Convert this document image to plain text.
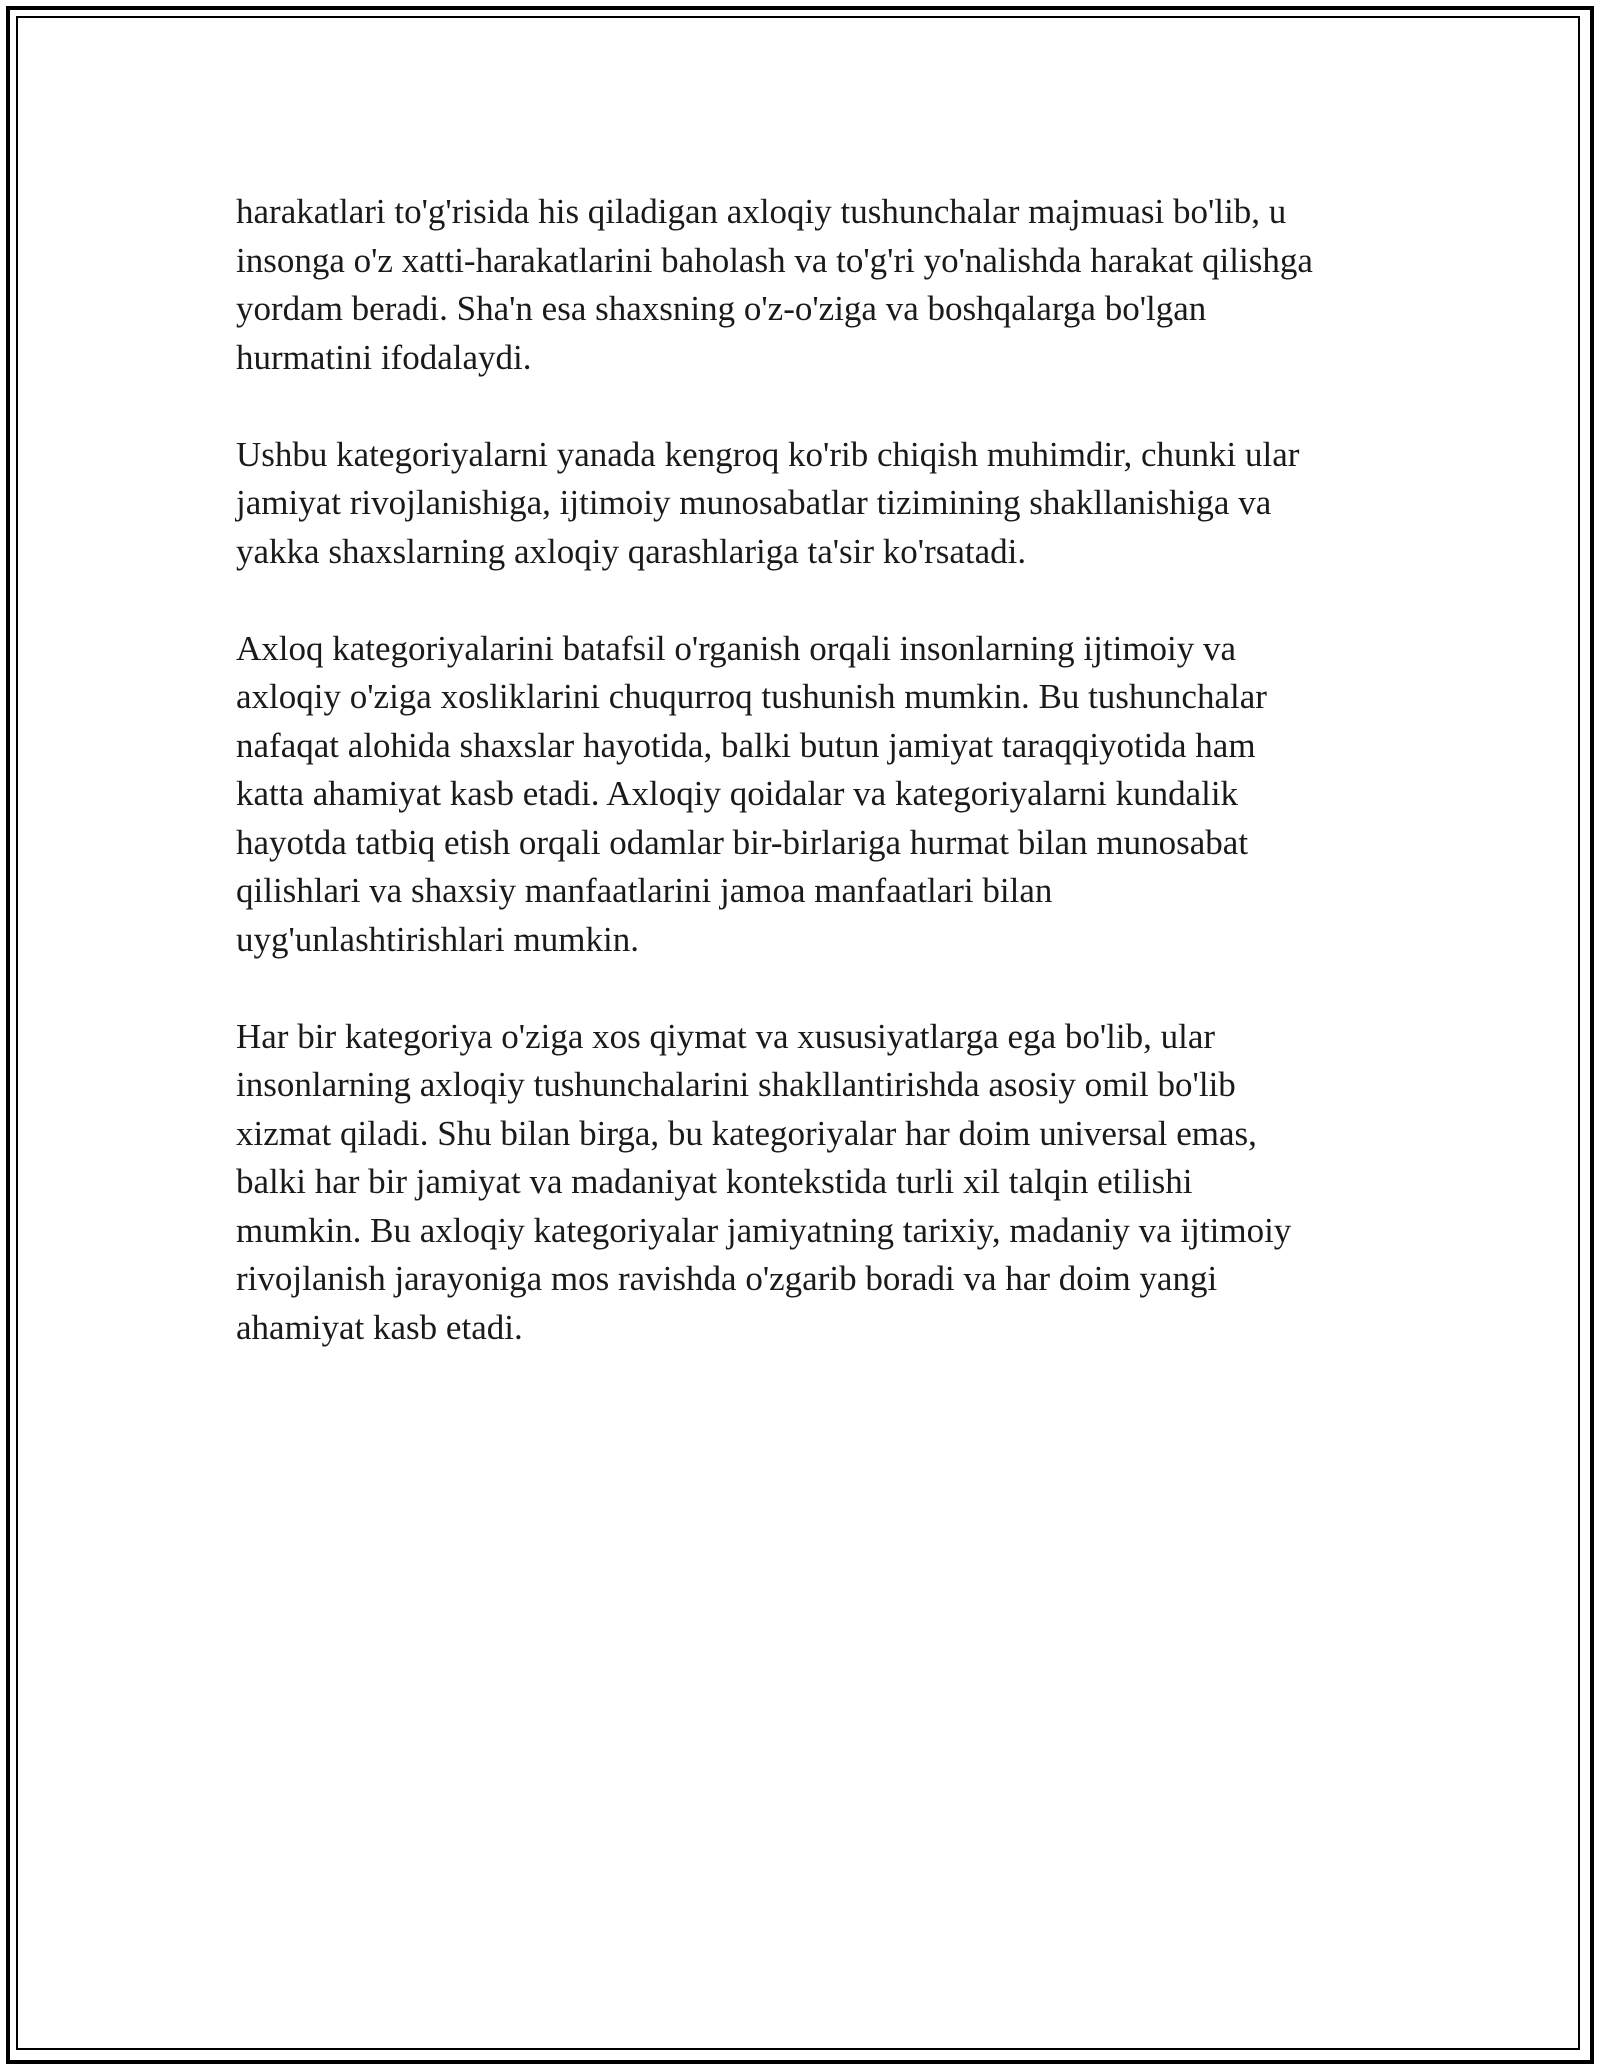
harakatlari to'g'risida his qiladigan axloqiy tushunchalar majmuasi bo'lib, u
insonga o'z xatti-harakatlarini baholash va to'g'ri yo'nalishda harakat qilishga
yordam beradi. Sha'n esa shaxsning o'z-o'ziga va boshqalarga bo'lgan
hurmatini ifodalaydi.

Ushbu kategoriyalarni yanada kengroq ko'rib chiqish muhimdir, chunki ular
jamiyat rivojlanishiga, ijtimoiy munosabatlar tizimining shakllanishiga va
yakka shaxslarning axloqiy qarashlariga ta'sir ko'rsatadi.

Axloq kategoriyalarini batafsil o'rganish orqali insonlarning ijtimoiy va
axloqiy o'ziga xosliklarini chuqurroq tushunish mumkin. Bu tushunchalar
nafaqat alohida shaxslar hayotida, balki butun jamiyat taraqqiyotida ham
katta ahamiyat kasb etadi. Axloqiy qoidalar va kategoriyalarni kundalik
hayotda tatbiq etish orqali odamlar bir-birlariga hurmat bilan munosabat
qilishlari va shaxsiy manfaatlarini jamoa manfaatlari bilan
uyg'unlashtirishlari mumkin.

Har bir kategoriya o'ziga xos qiymat va xususiyatlarga ega bo'lib, ular
insonlarning axloqiy tushunchalarini shakllantirishda asosiy omil bo'lib
xizmat qiladi. Shu bilan birga, bu kategoriyalar har doim universal emas,
balki har bir jamiyat va madaniyat kontekstida turli xil talqin etilishi
mumkin. Bu axloqiy kategoriyalar jamiyatning tarixiy, madaniy va ijtimoiy
rivojlanish jarayoniga mos ravishda o'zgarib boradi va har doim yangi
ahamiyat kasb etadi.
